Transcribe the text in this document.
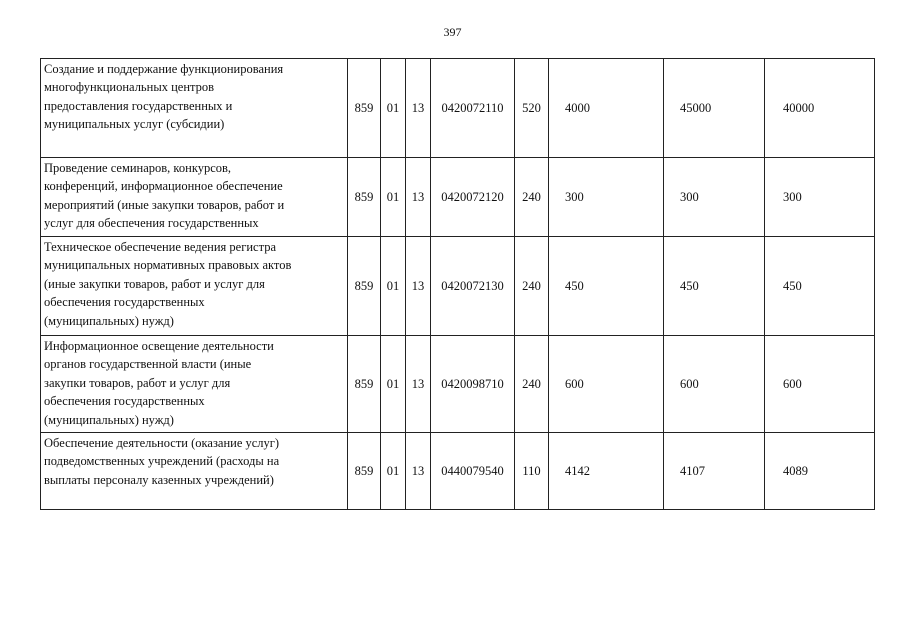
397
Создание и поддержание функционирования
многофункциональных центров
предоставления государственных и
муниципальных услуг (субсидии)	859	01	13	0420072110	520	4000	45000	40000

Проведение семинаров, конкурсов,
конференций, информационное обеспечение
мероприятий (иные закупки товаров, работ и
услуг для обеспечения государственных	859	01	13	0420072120	240	300	300	300

Техническое обеспечение ведения регистра
муниципальных нормативных правовых актов
(иные закупки товаров, работ и услуг для
обеспечения государственных
(муниципальных) нужд)	859	01	13	0420072130	240	450	450	450

Информационное освещение деятельности
органов государственной власти (иные
закупки товаров, работ и услуг для
обеспечения государственных
(муниципальных) нужд)	859	01	13	0420098710	240	600	600	600

Обеспечение деятельности (оказание услуг)
подведомственных учреждений (расходы на
выплаты персоналу казенных учреждений)	859	01	13	0440079540	110	4142	4107	4089
